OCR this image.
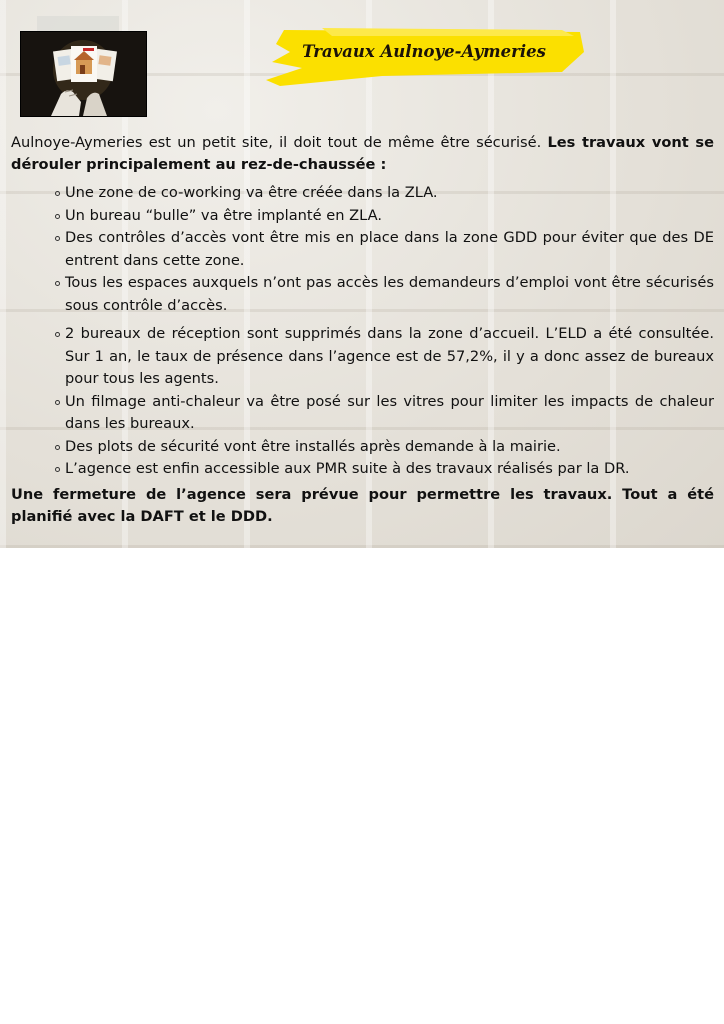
Travaux Aulnoye-Aymeries

Aulnoye-Aymeries est un petit site, il doit tout de même être sécurisé. Les travaux vont se dérouler principalement au rez-de-chaussée :

Une zone de co-working va être créée dans la ZLA.
Un bureau “bulle” va être implanté en ZLA.
Des contrôles d’accès vont être mis en place dans la zone GDD pour éviter que des DE entrent dans cette zone.
Tous les espaces auxquels n’ont pas accès les demandeurs d’emploi vont être sécurisés sous contrôle d’accès.
2 bureaux de réception sont supprimés dans la zone d’accueil. L’ELD a été consultée. Sur 1 an, le taux de présence dans l’agence est de 57,2%, il y a donc assez de bureaux pour tous les agents.
Un filmage anti-chaleur va être posé sur les vitres pour limiter les impacts de chaleur dans les bureaux.
Des plots de sécurité vont être installés après demande à la mairie.
L’agence est enfin accessible aux PMR suite à des travaux réalisés par la DR.

Une fermeture de l’agence sera prévue pour permettre les travaux. Tout a été planifié avec la DAFT et le DDD.
